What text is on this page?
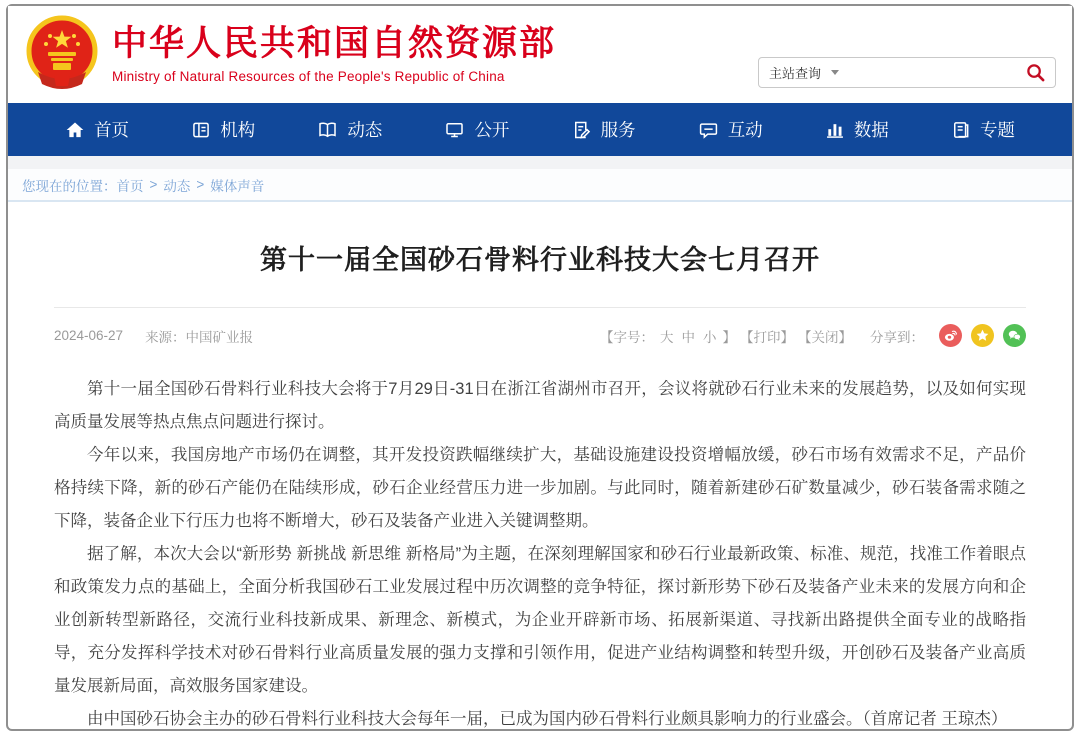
中华人民共和国自然资源部
Ministry of Natural Resources of the People's Republic of China	主站查询
首页	机构	动态	公开	服务	互动	数据	专题
您现在的位置： 首页 > 动态 > 媒体声音
第十一届全国砂石骨料行业科技大会七月召开
2024-06-27 来源：中国矿业报	【字号： 大 中 小 】 【打印】 【关闭】 分享到：

第十一届全国砂石骨料行业科技大会将于7月29日-31日在浙江省湖州市召开，会议将就砂石行业未来的发展趋势，以及如何实现高质量发展等热点焦点问题进行探讨。

今年以来，我国房地产市场仍在调整，其开发投资跌幅继续扩大，基础设施建设投资增幅放缓，砂石市场有效需求不足，产品价格持续下降，新的砂石产能仍在陆续形成，砂石企业经营压力进一步加剧。与此同时，随着新建砂石矿数量减少，砂石装备需求随之下降，装备企业下行压力也将不断增大，砂石及装备产业进入关键调整期。

据了解，本次大会以“新形势 新挑战 新思维 新格局”为主题，在深刻理解国家和砂石行业最新政策、标准、规范，找准工作着眼点和政策发力点的基础上，全面分析我国砂石工业发展过程中历次调整的竞争特征，探讨新形势下砂石及装备产业未来的发展方向和企业创新转型新路径，交流行业科技新成果、新理念、新模式，为企业开辟新市场、拓展新渠道、寻找新出路提供全面专业的战略指导，充分发挥科学技术对砂石骨料行业高质量发展的强力支撑和引领作用，促进产业结构调整和转型升级，开创砂石及装备产业高质量发展新局面，高效服务国家建设。

由中国砂石协会主办的砂石骨料行业科技大会每年一届，已成为国内砂石骨料行业颇具影响力的行业盛会。（首席记者 王琼杰）
